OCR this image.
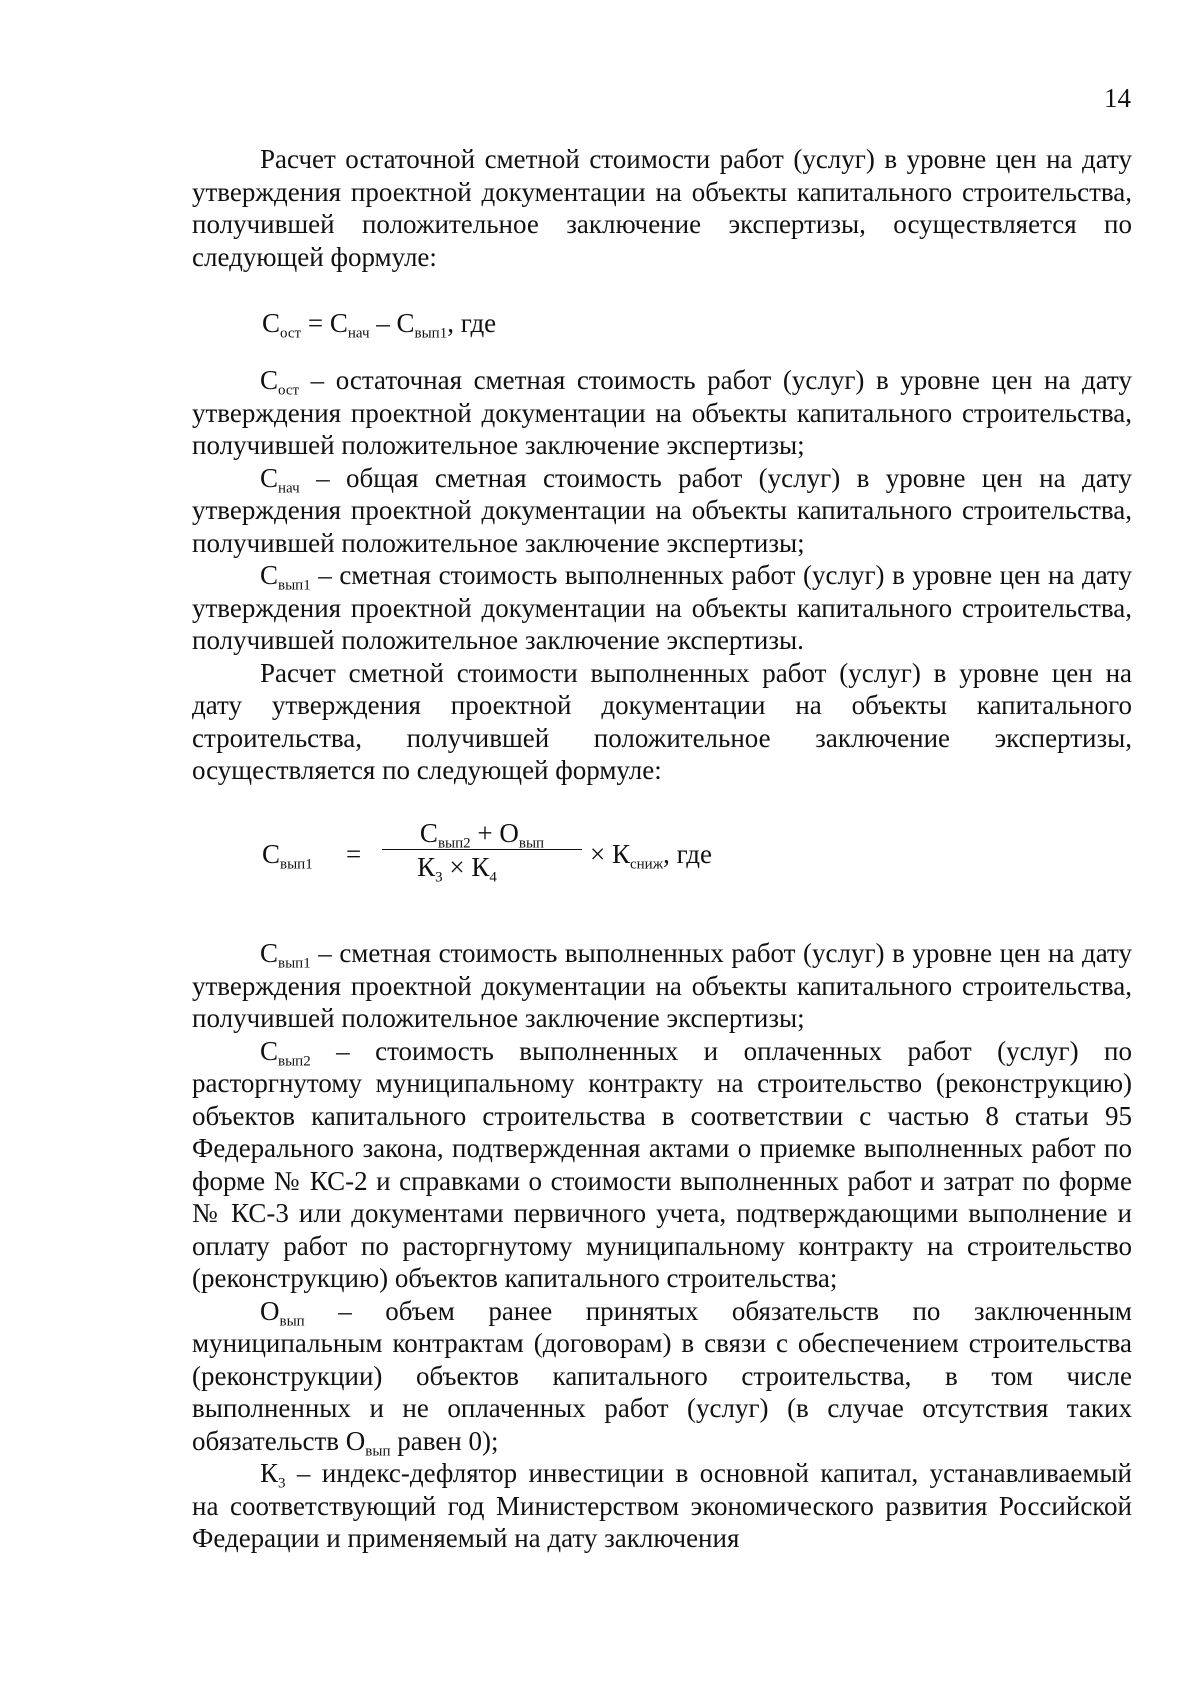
14

Расчет остаточной сметной стоимости работ (услуг) в уровне цен на дату утверждения проектной документации на объекты капитального строительства, получившей положительное заключение экспертизы, осуществляется по следующей формуле:

$С_{ост} = С_{нач} - С_{вып1}$, где

$С_{ост}$ – остаточная сметная стоимость работ (услуг) в уровне цен на дату утверждения проектной документации на объекты капитального строительства, получившей положительное заключение экспертизы;

$С_{нач}$ – общая сметная стоимость работ (услуг) в уровне цен на дату утверждения проектной документации на объекты капитального строительства, получившей положительное заключение экспертизы;

$С_{вып1}$ – сметная стоимость выполненных работ (услуг) в уровне цен на дату утверждения проектной документации на объекты капитального строительства, получившей положительное заключение экспертизы.

Расчет сметной стоимости выполненных работ (услуг) в уровне цен на дату утверждения проектной документации на объекты капитального строительства, получившей положительное заключение экспертизы, осуществляется по следующей формуле:

$С_{вып1}$ =
$С_{вып2} + О_{вып}$
$К_3 \times К_4$
× $К_{сниж}$, где

$С_{вып1}$ – сметная стоимость выполненных работ (услуг) в уровне цен на дату утверждения проектной документации на объекты капитального строительства, получившей положительное заключение экспертизы;

$С_{вып2}$ – стоимость выполненных и оплаченных работ (услуг) по расторгнутому муниципальному контракту на строительство (реконструкцию) объектов капитального строительства в соответствии с частью 8 статьи 95 Федерального закона, подтвержденная актами о приемке выполненных работ по форме № КС-2 и справками о стоимости выполненных работ и затрат по форме № КС-3 или документами первичного учета, подтверждающими выполнение и оплату работ по расторгнутому муниципальному контракту на строительство (реконструкцию) объектов капитального строительства;

$О_{вып}$ – объем ранее принятых обязательств по заключенным муниципальным контрактам (договорам) в связи с обеспечением строительства (реконструкции) объектов капитального строительства, в том числе выполненных и не оплаченных работ (услуг) (в случае отсутствия таких обязательств $О_{вып}$ равен 0);

$К_3$ – индекс-дефлятор инвестиции в основной капитал, устанавливаемый на соответствующий год Министерством экономического развития Российской Федерации и применяемый на дату заключения
